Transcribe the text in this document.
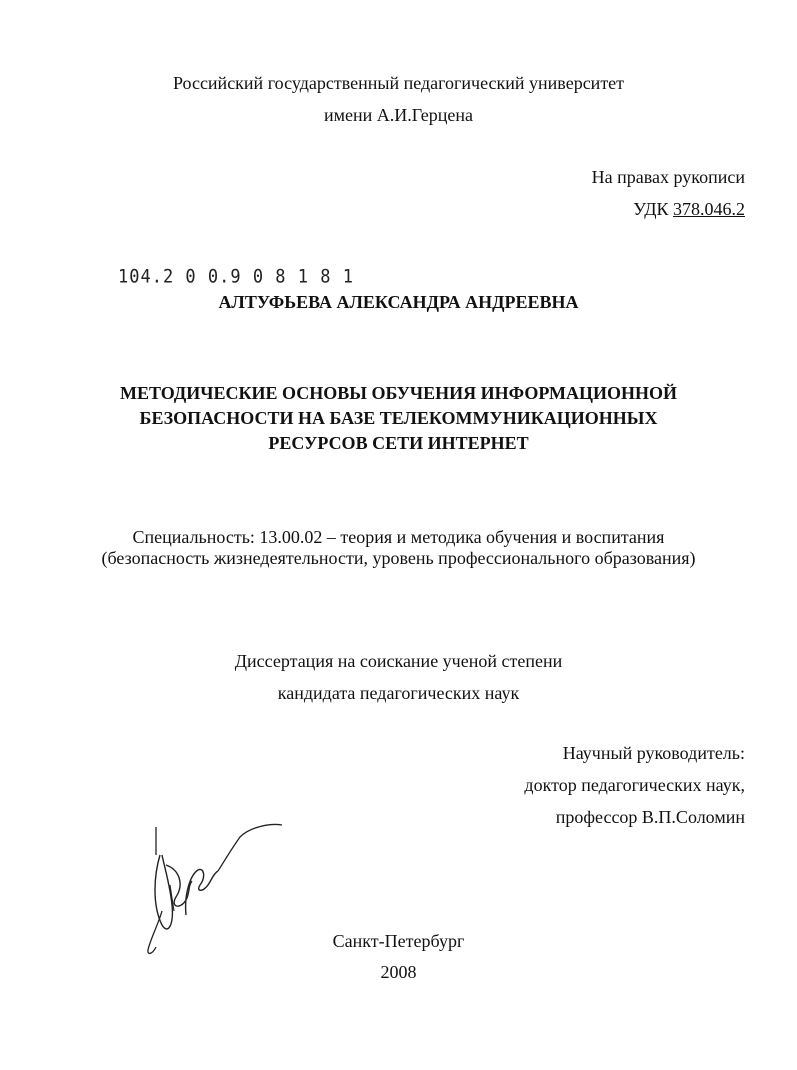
Российский государственный педагогический университет
имени А.И.Герцена
На правах рукописи
УДК 378.046.2
104.2 0 0.9 0 8 1 8 1
АЛТУФЬЕВА АЛЕКСАНДРА АНДРЕЕВНА
МЕТОДИЧЕСКИЕ ОСНОВЫ ОБУЧЕНИЯ ИНФОРМАЦИОННОЙ
БЕЗОПАСНОСТИ НА БАЗЕ ТЕЛЕКОММУНИКАЦИОННЫХ
РЕСУРСОВ СЕТИ ИНТЕРНЕТ
Специальность: 13.00.02 – теория и методика обучения и воспитания
(безопасность жизнедеятельности, уровень профессионального образования)
Диссертация на соискание ученой степени
кандидата педагогических наук
Научный руководитель:
доктор педагогических наук,
профессор В.П.Соломин
Санкт-Петербург
2008
